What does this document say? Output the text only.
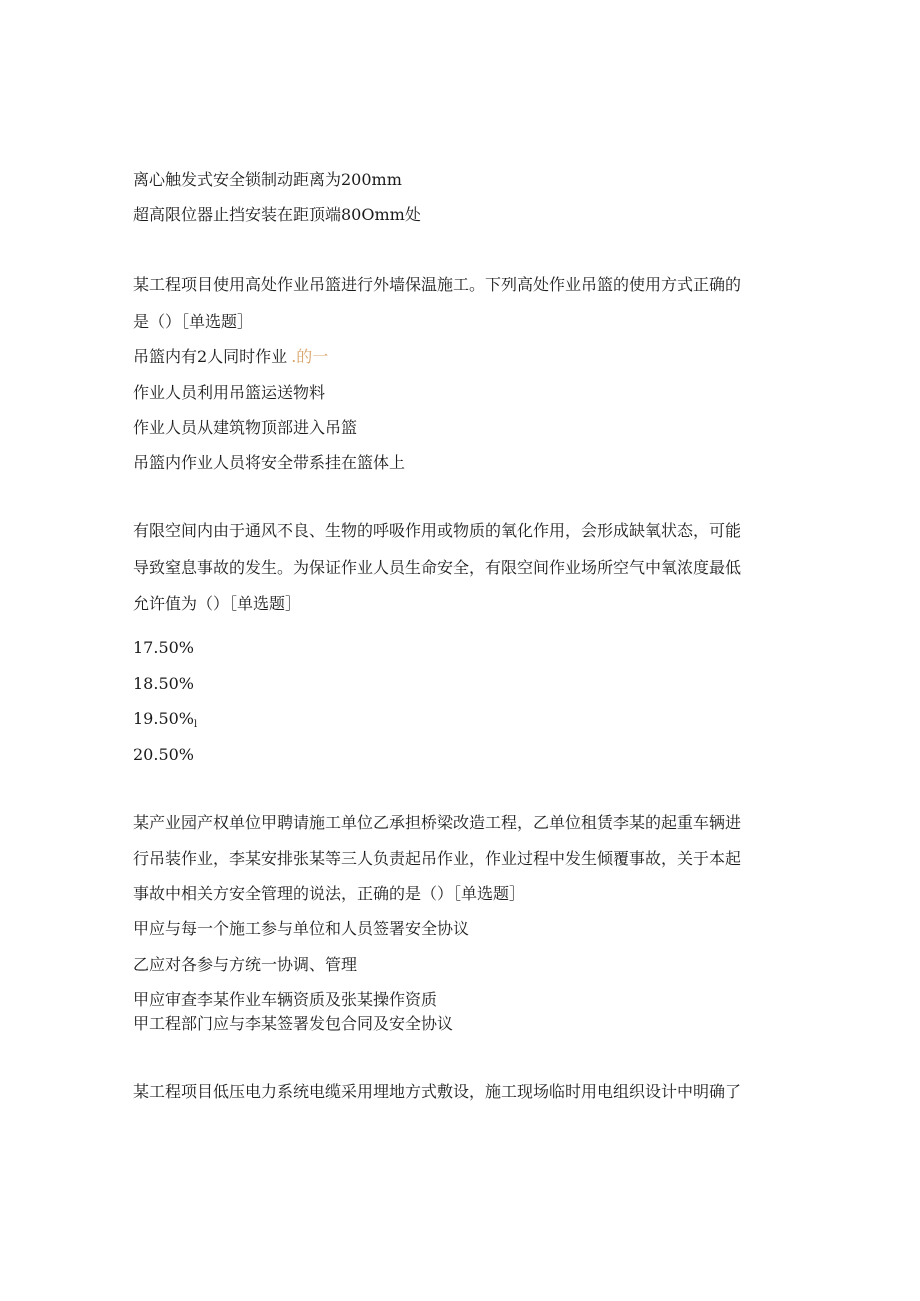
离心触发式安全锁制动距离为200mm
超高限位器止挡安装在距顶端80Omm处
某工程项目使用高处作业吊篮进行外墙保温施工。下列高处作业吊篮的使用方式正确的
是（）［单选题］
吊篮内有2人同时作业 .的一
作业人员利用吊篮运送物料
作业人员从建筑物顶部进入吊篮
吊篮内作业人员将安全带系挂在篮体上
有限空间内由于通风不良、生物的呼吸作用或物质的氧化作用，会形成缺氧状态，可能
导致窒息事故的发生。为保证作业人员生命安全，有限空间作业场所空气中氧浓度最低
允许值为（）［单选题］
17.50%
18.50%
$19.50\%_l$
20.50%
某产业园产权单位甲聘请施工单位乙承担桥梁改造工程，乙单位租赁李某的起重车辆进
行吊装作业，李某安排张某等三人负责起吊作业，作业过程中发生倾覆事故，关于本起
事故中相关方安全管理的说法，正确的是（）［单选题］
甲应与每一个施工参与单位和人员签署安全协议
乙应对各参与方统一协调、管理
甲应审查李某作业车辆资质及张某操作资质
甲工程部门应与李某签署发包合同及安全协议
某工程项目低压电力系统电缆采用埋地方式敷设，施工现场临时用电组织设计中明确了
